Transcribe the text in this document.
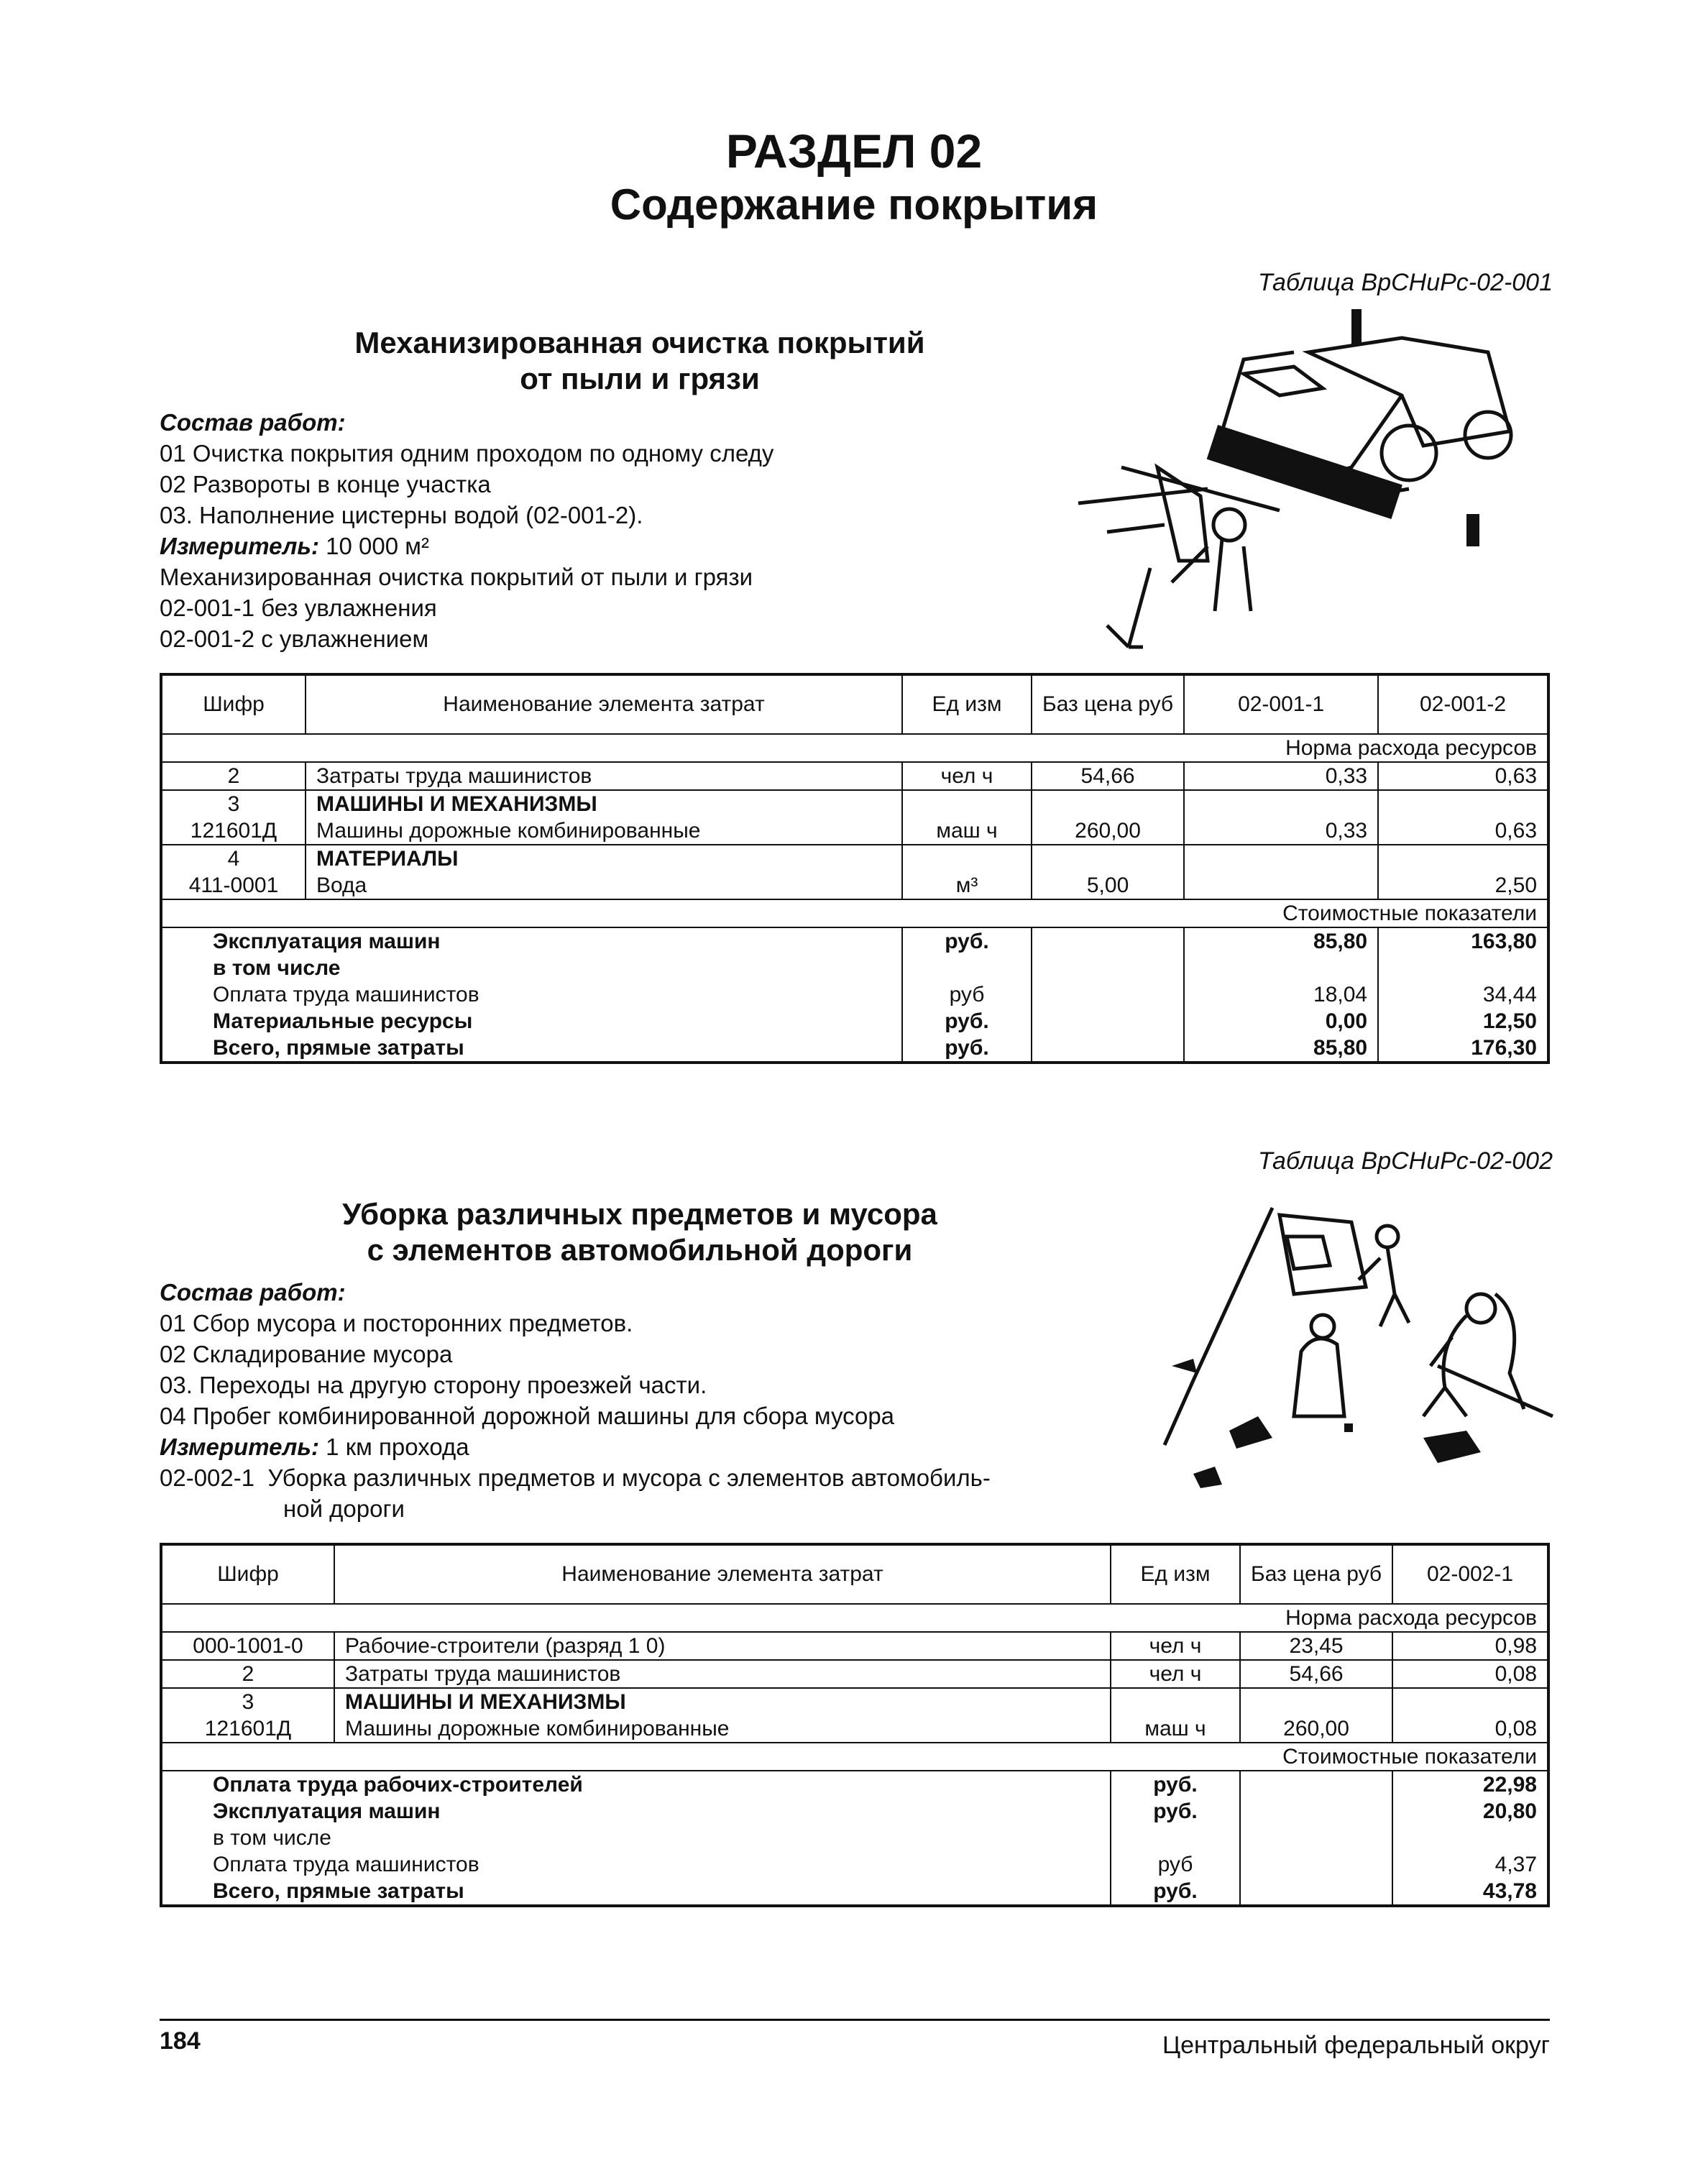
РАЗДЕЛ 02
Содержание покрытия
Таблица ВрСНиРс-02-001
Механизированная очистка покрытий
от пыли и грязи
Состав работ:
01 Очистка покрытия одним проходом по одному следу
02 Развороты в конце участка
03. Наполнение цистерны водой (02-001-2).
Измеритель: 10 000 м²
Механизированная очистка покрытий от пыли и грязи
02-001-1 без увлажнения
02-001-2 с увлажнением
Шифр	Наименование элемента затрат	Ед изм	Баз цена руб	02-001-1	02-001-2
Норма расхода ресурсов					
2	Затраты труда машинистов	чел ч	54,66	0,33	0,63
3	МАШИНЫ И МЕХАНИЗМЫ				
121601Д	Машины дорожные комбинированные	маш ч	260,00	0,33	0,63
4	МАТЕРИАЛЫ				
411-0001	Вода	м³	5,00		2,50
Стоимостные показатели					
Эксплуатация машин		руб.		85,80	163,80
в том числе					
Оплата труда машинистов		руб		18,04	34,44
Материальные ресурсы		руб.		0,00	12,50
Всего, прямые затраты		руб.		85,80	176,30
Таблица ВрСНиРс-02-002
Уборка различных предметов и мусора
с элементов автомобильной дороги
Состав работ:
01 Сбор мусора и посторонних предметов.
02 Складирование мусора
03. Переходы на другую сторону проезжей части.
04 Пробег комбинированной дорожной машины для сбора мусора
Измеритель: 1 км прохода
02-002-1 Уборка различных предметов и мусора с элементов автомобиль-
ной дороги
Шифр	Наименование элемента затрат	Ед изм	Баз цена руб	02-002-1
Норма расхода ресурсов				
000-1001-0	Рабочие-строители (разряд 1 0)	чел ч	23,45	0,98
2	Затраты труда машинистов	чел ч	54,66	0,08
3	МАШИНЫ И МЕХАНИЗМЫ			
121601Д	Машины дорожные комбинированные	маш ч	260,00	0,08
Стоимостные показатели				
Оплата труда рабочих-строителей		руб.		22,98
Эксплуатация машин		руб.		20,80
в том числе				
Оплата труда машинистов		руб		4,37
Всего, прямые затраты		руб.		43,78
184	Центральный федеральный округ
